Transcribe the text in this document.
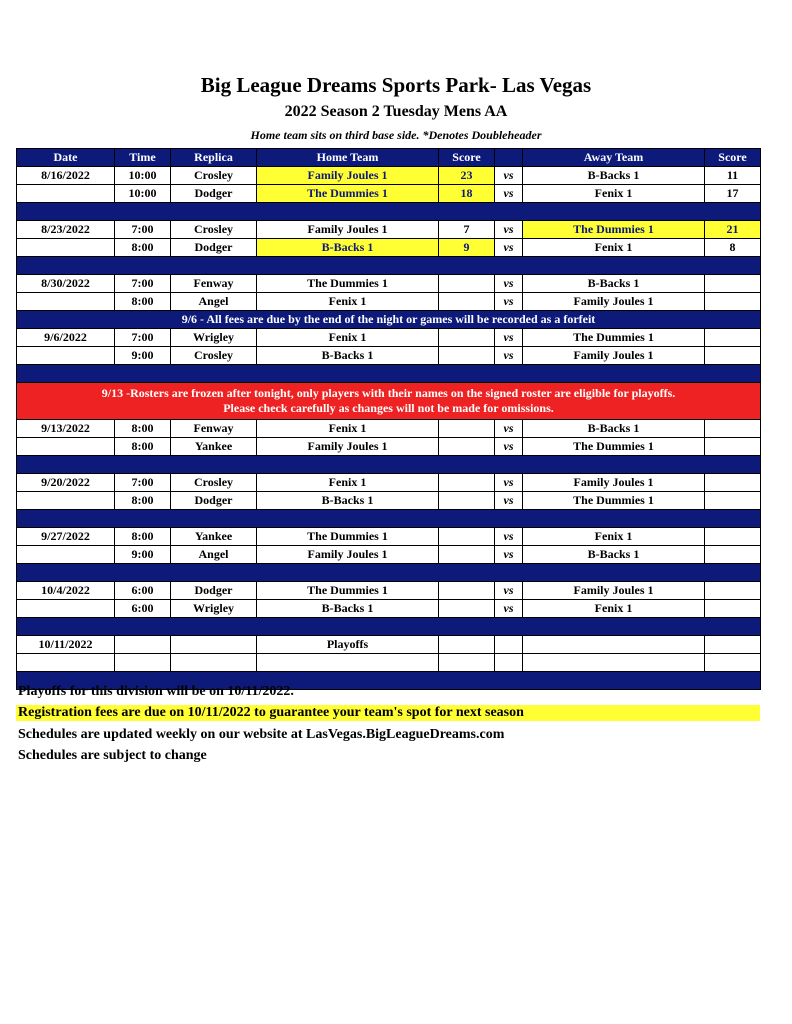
Big League Dreams Sports Park- Las Vegas
2022 Season 2 Tuesday Mens AA
Home team sits on third base side. *Denotes Doubleheader
Date	Time	Replica	Home Team	Score		Away Team	Score
8/16/2022	10:00	Crosley	Family Joules 1	23	vs	B-Backs 1	11
	10:00	Dodger	The Dummies 1	18	vs	Fenix 1	17

8/23/2022	7:00	Crosley	Family Joules 1	7	vs	The Dummies 1	21
	8:00	Dodger	B-Backs 1	9	vs	Fenix 1	8

8/30/2022	7:00	Fenway	The Dummies 1		vs	B-Backs 1	
	8:00	Angel	Fenix 1		vs	Family Joules 1	
9/6 - All fees are due by the end of the night or games will be recorded as a forfeit							
9/6/2022	7:00	Wrigley	Fenix 1		vs	The Dummies 1	
	9:00	Crosley	B-Backs 1		vs	Family Joules 1	

9/13 -Rosters are frozen after tonight, only players with their names on the signed roster are eligible for playoffs.
Please check carefully as changes will not be made for omissions.							

9/13/2022	8:00	Fenway	Fenix 1		vs	B-Backs 1	
	8:00	Yankee	Family Joules 1		vs	The Dummies 1	

9/20/2022	7:00	Crosley	Fenix 1		vs	Family Joules 1	
	8:00	Dodger	B-Backs 1		vs	The Dummies 1	

9/27/2022	8:00	Yankee	The Dummies 1		vs	Fenix 1	
	9:00	Angel	Family Joules 1		vs	B-Backs 1	

10/4/2022	6:00	Dodger	The Dummies 1		vs	Family Joules 1	
	6:00	Wrigley	B-Backs 1		vs	Fenix 1	

10/11/2022			Playoffs				

Playoffs for this division will be on 10/11/2022.
Registration fees are due on 10/11/2022 to guarantee your team's spot for next season
Schedules are updated weekly on our website at LasVegas.BigLeagueDreams.com
Schedules are subject to change
